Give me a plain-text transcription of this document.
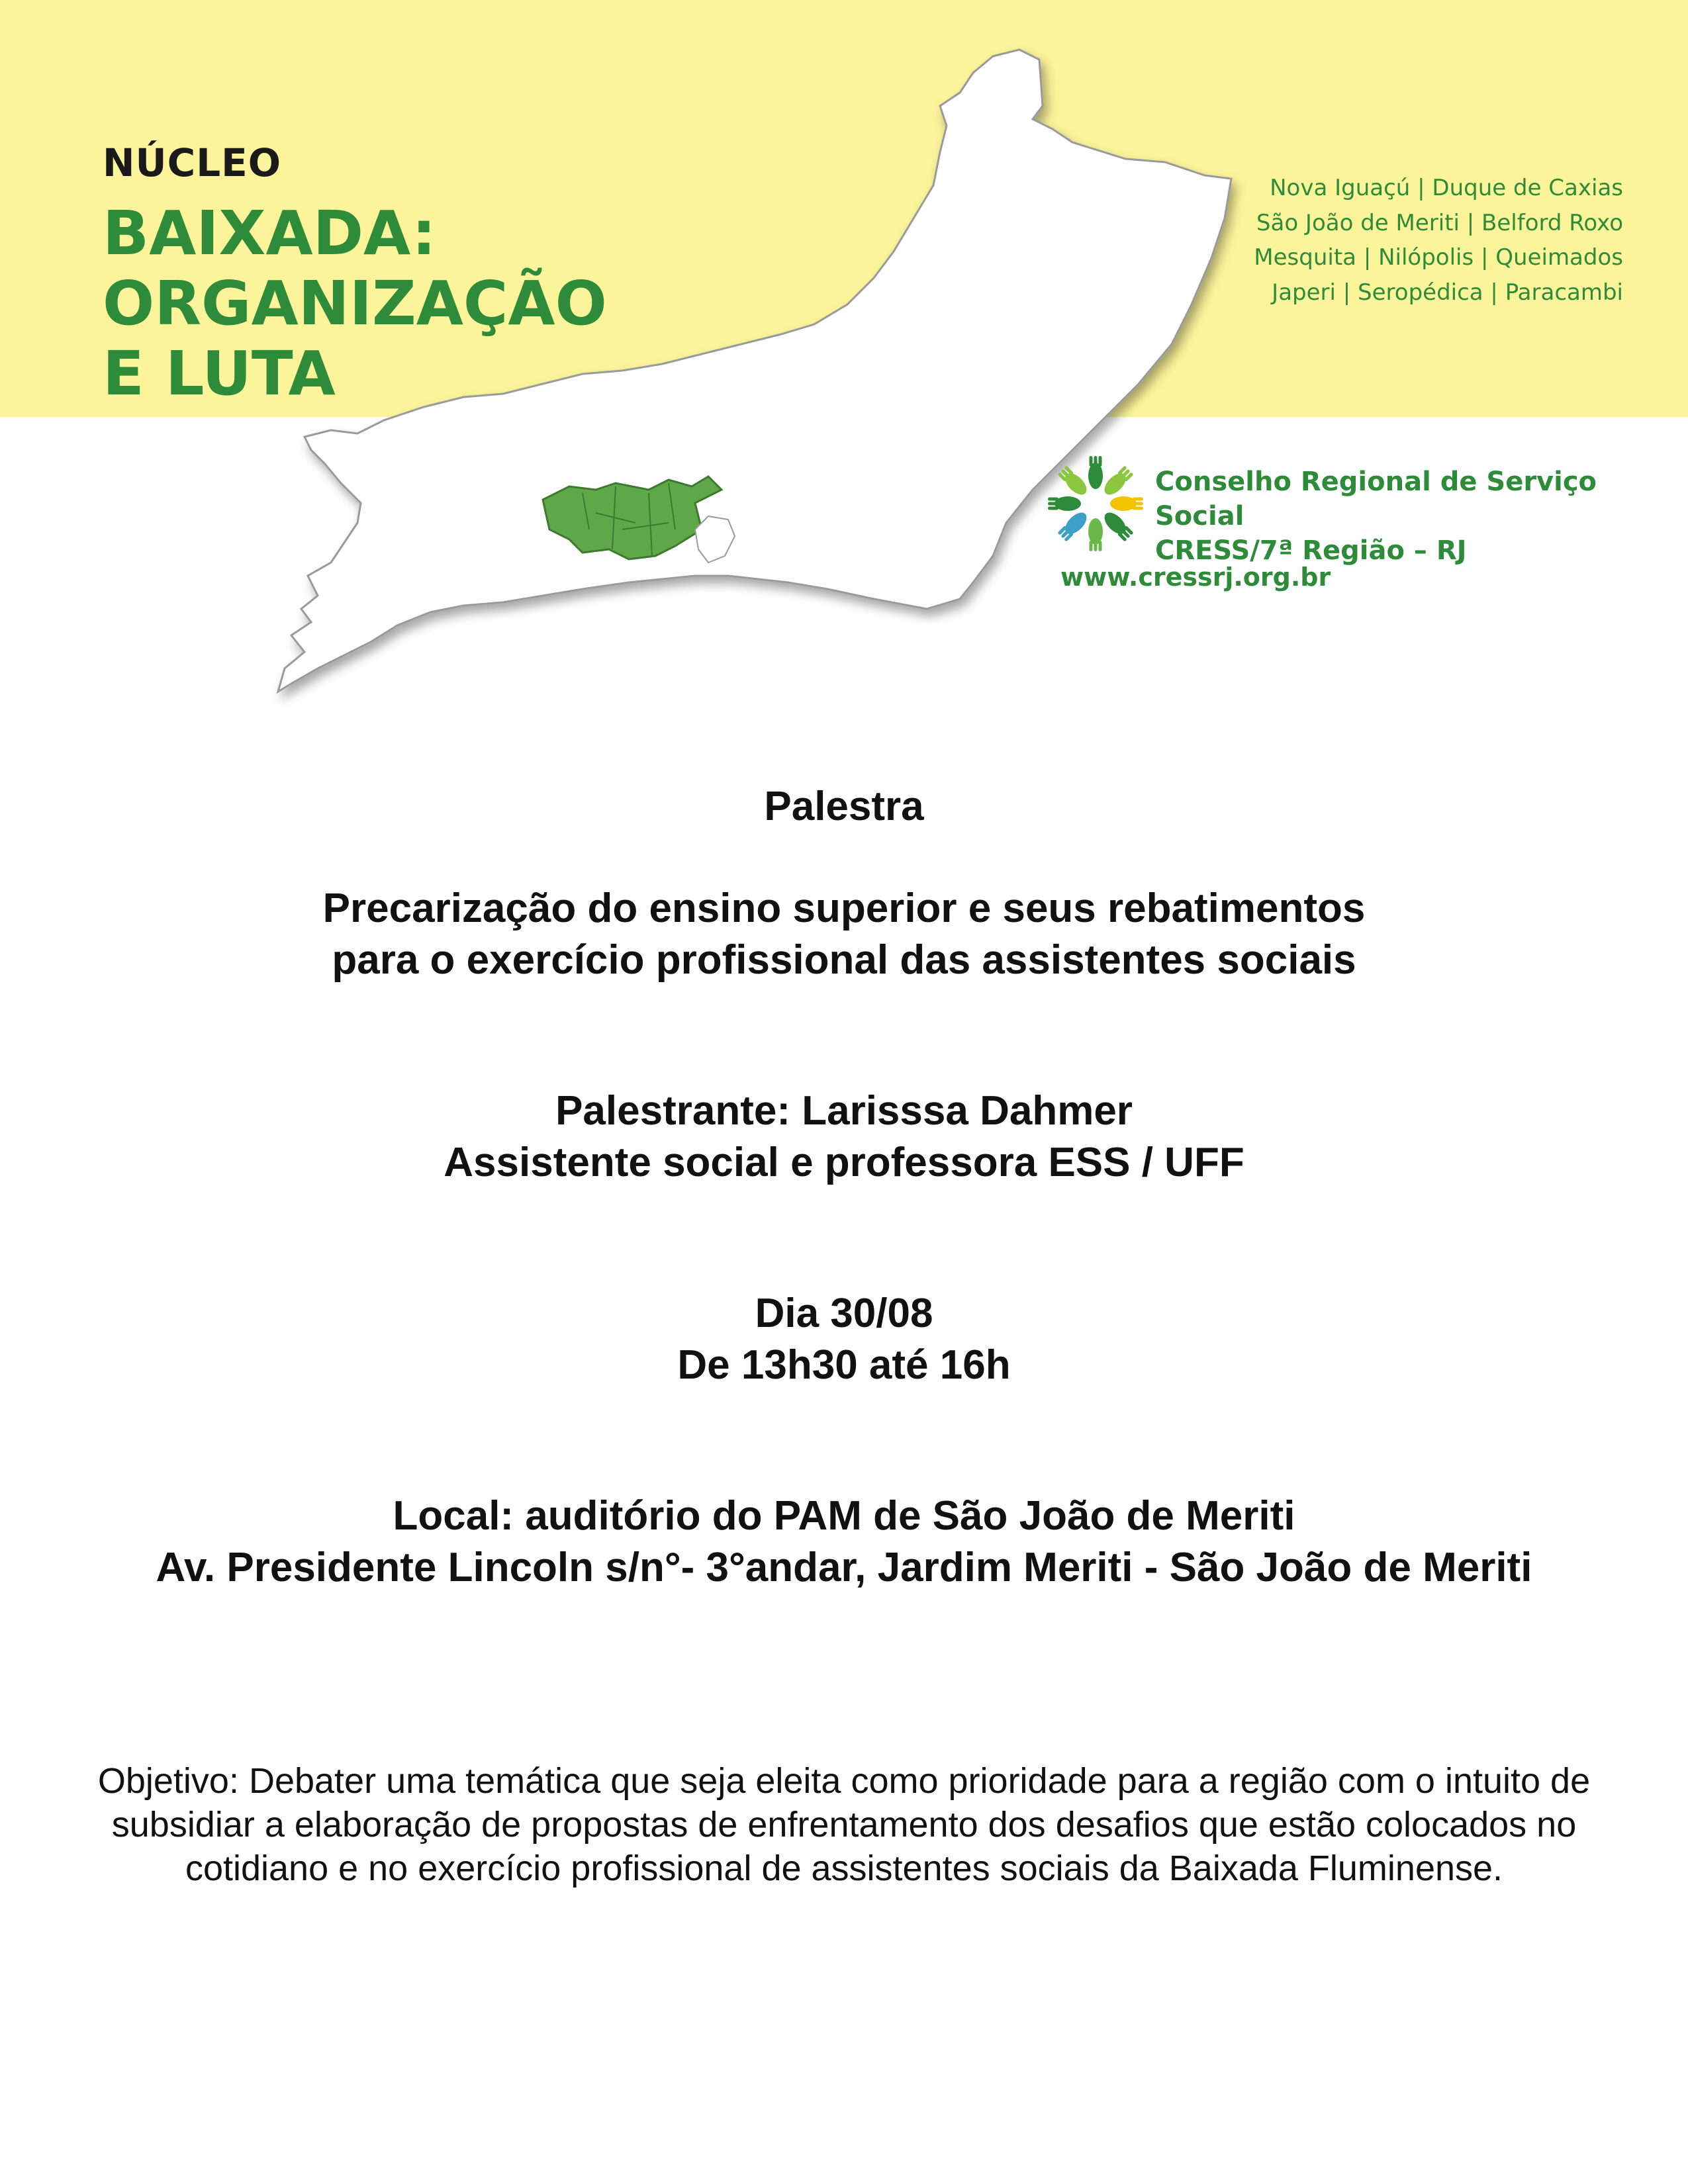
NÚCLEO
BAIXADA: ORGANIZAÇÃO
E LUTA
Nova Iguaçú | Duque de Caxias
São João de Meriti | Belford Roxo
Mesquita | Nilópolis | Queimados
Japeri | Seropédica | Paracambi
Conselho Regional de Serviço Social
CRESS/7ª Região – RJ
www.cressrj.org.br
Palestra
Precarização do ensino superior e seus rebatimentos
para o exercício profissional das assistentes sociais
Palestrante: Larisssa Dahmer
Assistente social e professora ESS / UFF
Dia 30/08
De 13h30 até 16h
Local: auditório do PAM de São João de Meriti
Av. Presidente Lincoln s/n°- 3°andar, Jardim Meriti - São João de Meriti
Objetivo: Debater uma temática que seja eleita como prioridade para a região com o intuito de
subsidiar a elaboração de propostas de enfrentamento dos desafios que estão colocados no
cotidiano e no exercício profissional de assistentes sociais da Baixada Fluminense.
